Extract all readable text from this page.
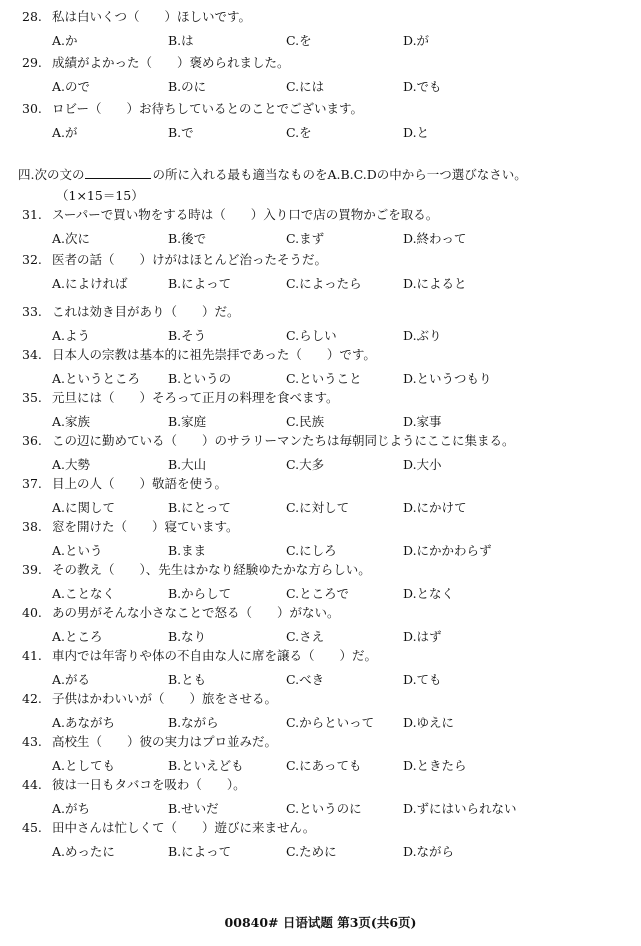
28. 私は白いくつ（　　）ほしいです。
A.か	B.は	C.を	D.が
29. 成績がよかった（　　）褒められました。
A.ので	B.のに	C.には	D.でも
30. ロビー（　　）お待ちしているとのことでございます。
A.が	B.で	C.を	D.と
四.次の文の	の所に入れる最も適当なものをA.B.C.Dの中から一つ選びなさい。
（1×15＝15）
31. スーパーで買い物をする時は（　　）入り口で店の買物かごを取る。
A.次に	B.後で	C.まず	D.終わって
32. 医者の話（　　）けがはほとんど治ったそうだ。
A.によければ	B.によって	C.によったら	D.によると
33. これは効き目があり（　　）だ。
A.よう	B.そう	C.らしい	D.ぶり
34. 日本人の宗教は基本的に祖先崇拝であった（　　）です。
A.というところ B.というの	C.ということ	D.というつもり
35. 元旦には（　　）そろって正月の料理を食べます。
A.家族	B.家庭	C.民族	D.家事
36. この辺に勤めている（　　）のサラリーマンたちは毎朝同じようにここに集まる。
A.大勢	B.大山	C.大多	D.大小
37. 目上の人（　　）敬語を使う。
A.に関して	B.にとって	C.に対して	D.にかけて
38. 窓を開けた（　　）寝ています。
A.という	B.まま	C.にしろ	D.にかかわらず
39. その教え（　　）、先生はかなり経験ゆたかな方らしい。
A.ことなく	B.からして	C.ところで	D.となく
40. あの男がそんな小さなことで怒る（　　）がない。
A.ところ	B.なり	C.さえ	D.はず
41. 車内では年寄りや体の不自由な人に席を譲る（　　）だ。
A.がる	B.とも	C.べき	D.ても
42. 子供はかわいいが（　　）旅をさせる。
A.あながち	B.ながら	C.からといって D.ゆえに
43. 高校生（　　）彼の実力はプロ並みだ。
A.としても	B.といえども	C.にあっても	D.ときたら
44. 彼は一日もタバコを吸わ（　　）。
A.がち	B.せいだ	C.というのに	D.ずにはいられない
45. 田中さんは忙しくて（　　）遊びに来ません。
A.めったに	B.によって	C.ために	D.ながら
00840# 日语试题 第3页(共6页)
